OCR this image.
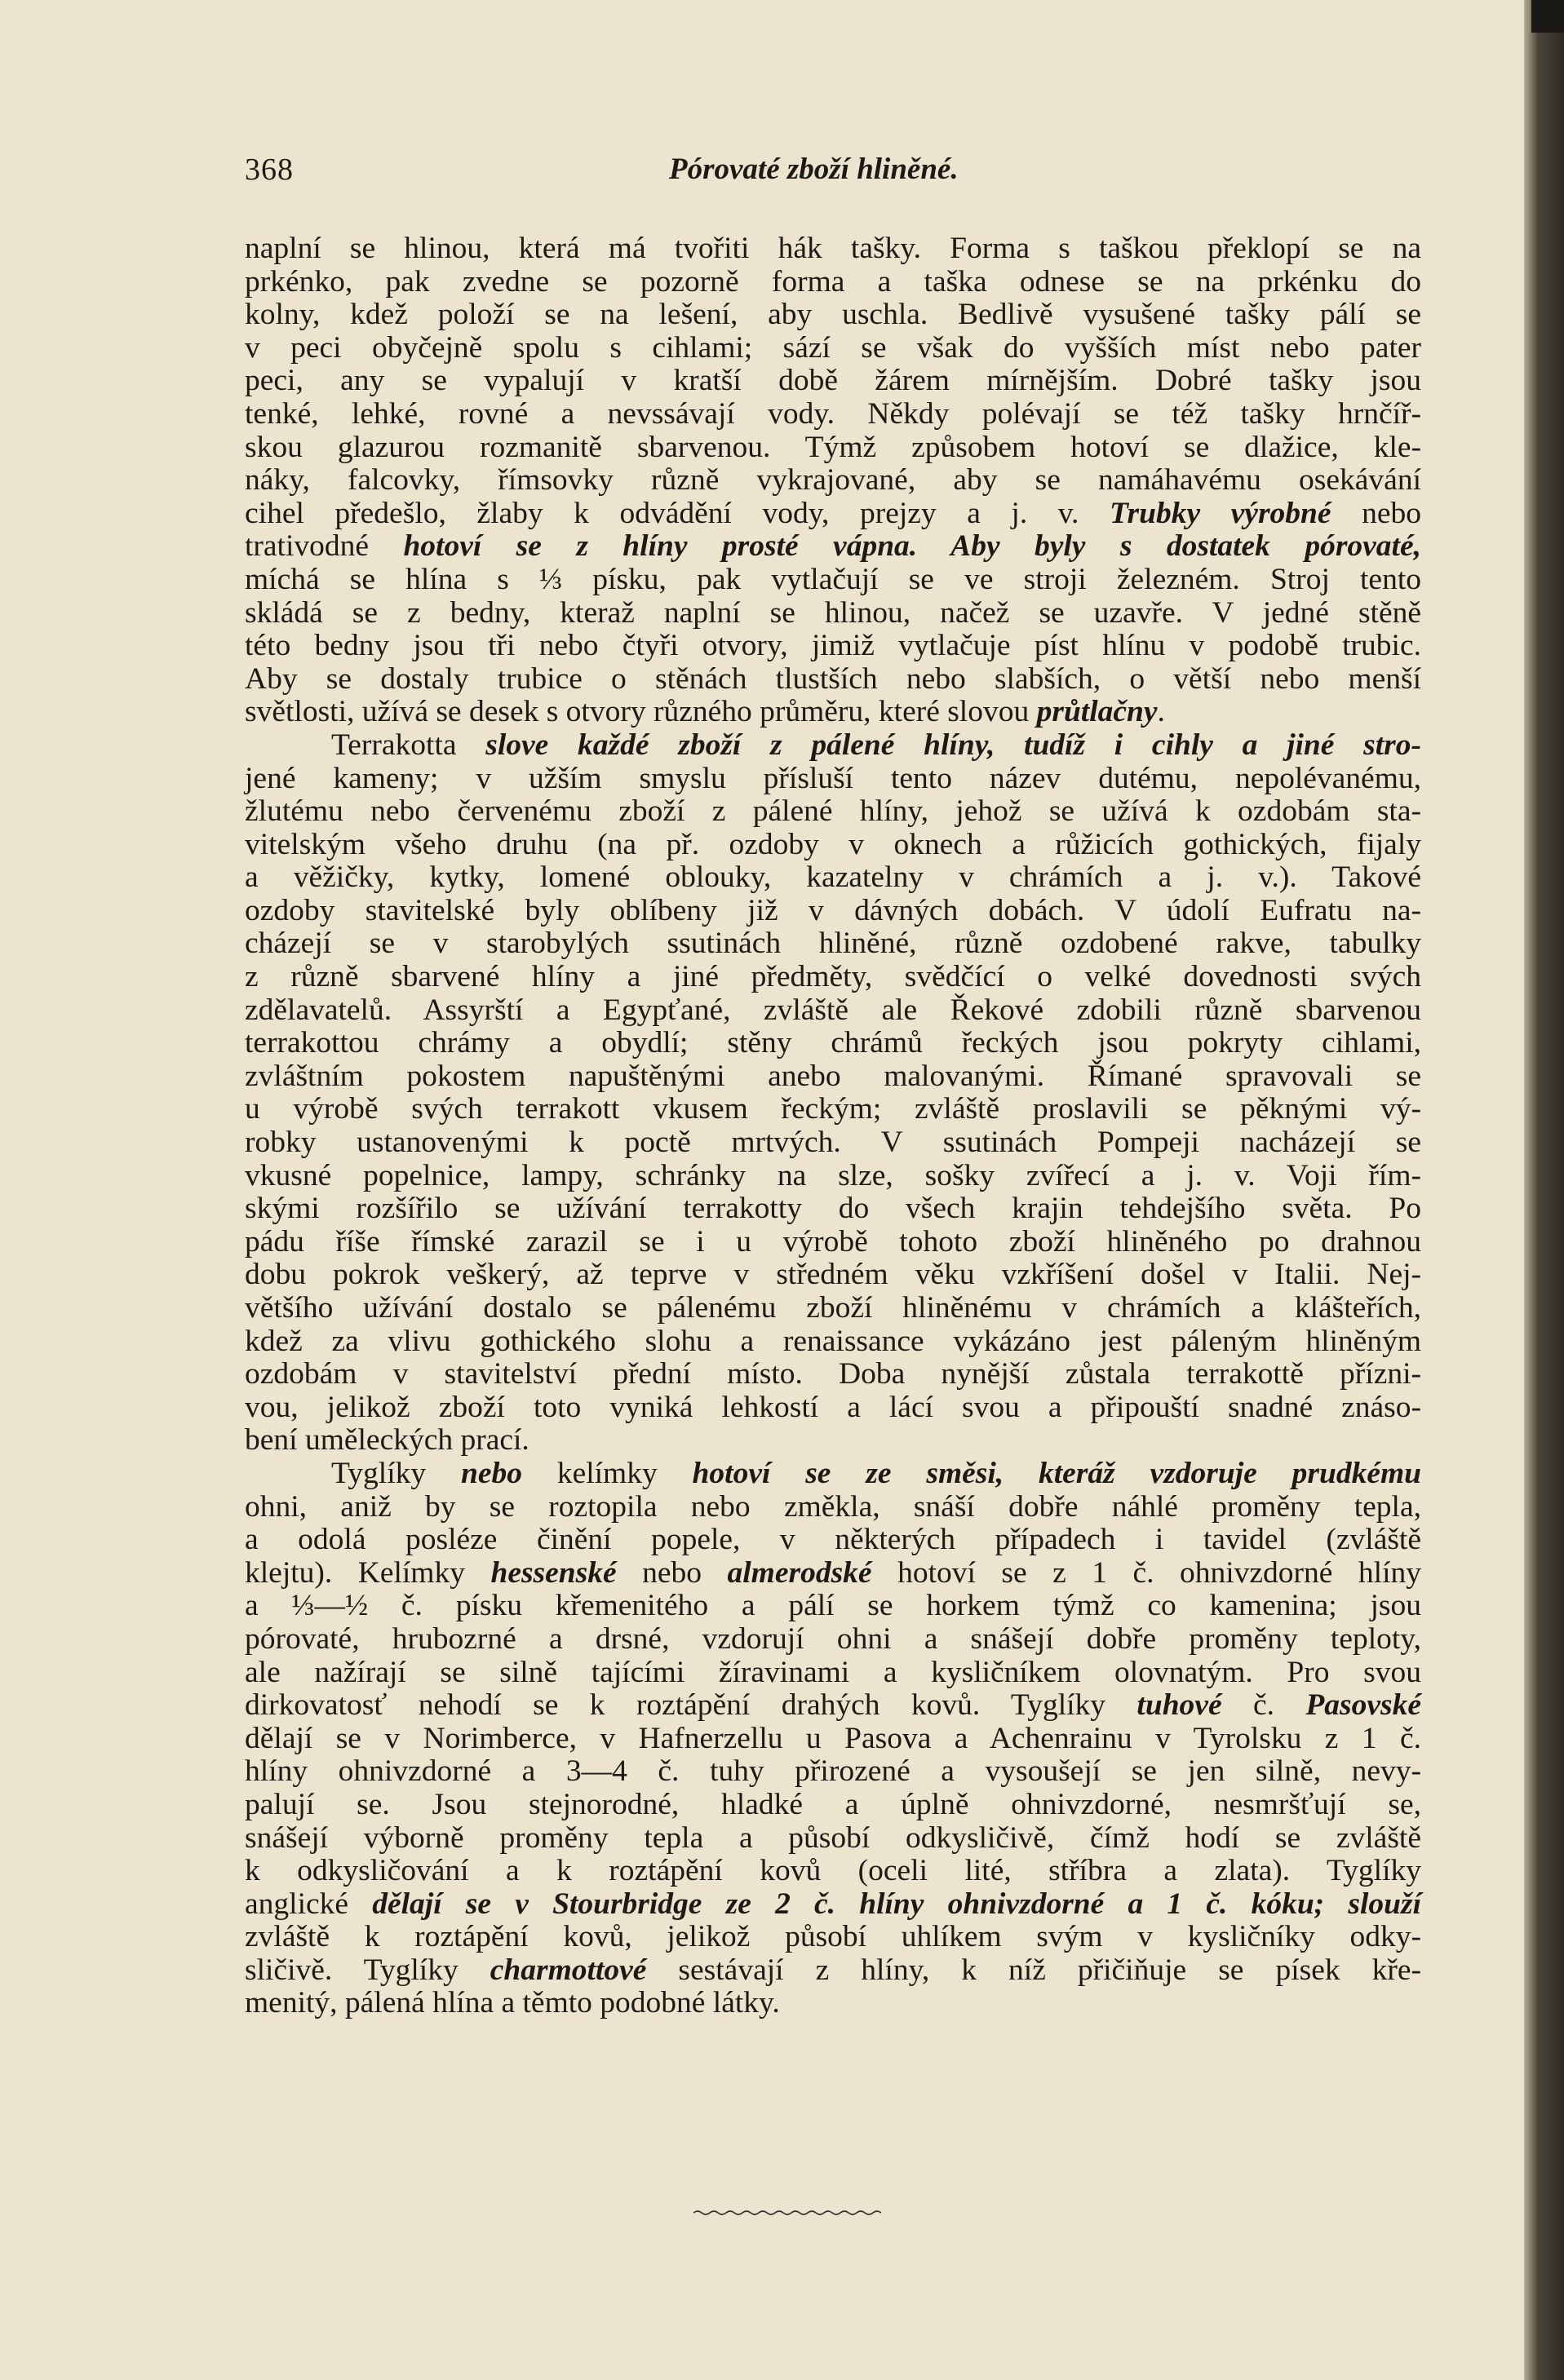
368	Pórovaté zboží hliněné.
naplní se hlinou, která má tvořiti hák tašky. Forma s taškou překlopí se na
prkénko, pak zvedne se pozorně forma a taška odnese se na prkénku do
kolny, kdež položí se na lešení, aby uschla. Bedlivě vysušené tašky pálí se
v peci obyčejně spolu s cihlami; sází se však do vyšších míst nebo pater
peci, any se vypalují v kratší době žárem mírnějším. Dobré tašky jsou
tenké, lehké, rovné a nevssávají vody. Někdy polévají se též tašky hrnčíř-
skou glazurou rozmanitě sbarvenou. Týmž způsobem hotoví se dlažice, kle-
náky, falcovky, římsovky různě vykrajované, aby se namáhavému osekávání
cihel předešlo, žlaby k odvádění vody, prejzy a j. v. Trubky výrobné nebo
trativodné hotoví se z hlíny prosté vápna. Aby byly s dostatek pórovaté,
míchá se hlína s ⅓ písku, pak vytlačují se ve stroji železném. Stroj tento
skládá se z bedny, kteraž naplní se hlinou, načež se uzavře. V jedné stěně
této bedny jsou tři nebo čtyři otvory, jimiž vytlačuje píst hlínu v podobě trubic.
Aby se dostaly trubice o stěnách tlustších nebo slabších, o větší nebo menší
světlosti, užívá se desek s otvory různého průměru, které slovou průtlačny.
Terrakotta slove každé zboží z pálené hlíny, tudíž i cihly a jiné stro-
jené kameny; v užším smyslu přísluší tento název dutému, nepolévanému,
žlutému nebo červenému zboží z pálené hlíny, jehož se užívá k ozdobám sta-
vitelským všeho druhu (na př. ozdoby v oknech a růžicích gothických, fijaly
a věžičky, kytky, lomené oblouky, kazatelny v chrámích a j. v.). Takové
ozdoby stavitelské byly oblíbeny již v dávných dobách. V údolí Eufratu na-
cházejí se v starobylých ssutinách hliněné, různě ozdobené rakve, tabulky
z různě sbarvené hlíny a jiné předměty, svědčící o velké dovednosti svých
zdělavatelů. Assyrští a Egypťané, zvláště ale Řekové zdobili různě sbarvenou
terrakottou chrámy a obydlí; stěny chrámů řeckých jsou pokryty cihlami,
zvláštním pokostem napuštěnými anebo malovanými. Římané spravovali se
u výrobě svých terrakott vkusem řeckým; zvláště proslavili se pěknými vý-
robky ustanovenými k poctě mrtvých. V ssutinách Pompeji nacházejí se
vkusné popelnice, lampy, schránky na slze, sošky zvířecí a j. v. Voji řím-
skými rozšířilo se užívání terrakotty do všech krajin tehdejšího světa. Po
pádu říše římské zarazil se i u výrobě tohoto zboží hliněného po drahnou
dobu pokrok veškerý, až teprve v středném věku vzkříšení došel v Italii. Nej-
většího užívání dostalo se pálenému zboží hliněnému v chrámích a klášteřích,
kdež za vlivu gothického slohu a renaissance vykázáno jest páleným hliněným
ozdobám v stavitelství přední místo. Doba nynější zůstala terrakottě přízni-
vou, jelikož zboží toto vyniká lehkostí a lácí svou a připouští snadné znáso-
bení uměleckých prací.
Tyglíky nebo kelímky hotoví se ze směsi, kteráž vzdoruje prudkému
ohni, aniž by se roztopila nebo změkla, snáší dobře náhlé proměny tepla,
a odolá posléze činění popele, v některých případech i tavidel (zvláště
klejtu). Kelímky hessenské nebo almerodské hotoví se z 1 č. ohnivzdorné hlíny
a ⅓—½ č. písku křemenitého a pálí se horkem týmž co kamenina; jsou
pórovaté, hrubozrné a drsné, vzdorují ohni a snášejí dobře proměny teploty,
ale nažírají se silně tajícími žíravinami a kysličníkem olovnatým. Pro svou
dirkovatosť nehodí se k roztápění drahých kovů. Tyglíky tuhové č. Pasovské
dělají se v Norimberce, v Hafnerzellu u Pasova a Achenrainu v Tyrolsku z 1 č.
hlíny ohnivzdorné a 3—4 č. tuhy přirozené a vysoušejí se jen silně, nevy-
palují se. Jsou stejnorodné, hladké a úplně ohnivzdorné, nesmršťují se,
snášejí výborně proměny tepla a působí odkysličivě, čímž hodí se zvláště
k odkysličování a k roztápění kovů (oceli lité, stříbra a zlata). Tyglíky
anglické dělají se v Stourbridge ze 2 č. hlíny ohnivzdorné a 1 č. kóku; slouží
zvláště k roztápění kovů, jelikož působí uhlíkem svým v kysličníky odky-
sličivě. Tyglíky charmottové sestávají z hlíny, k níž přičiňuje se písek kře-
menitý, pálená hlína a těmto podobné látky.
